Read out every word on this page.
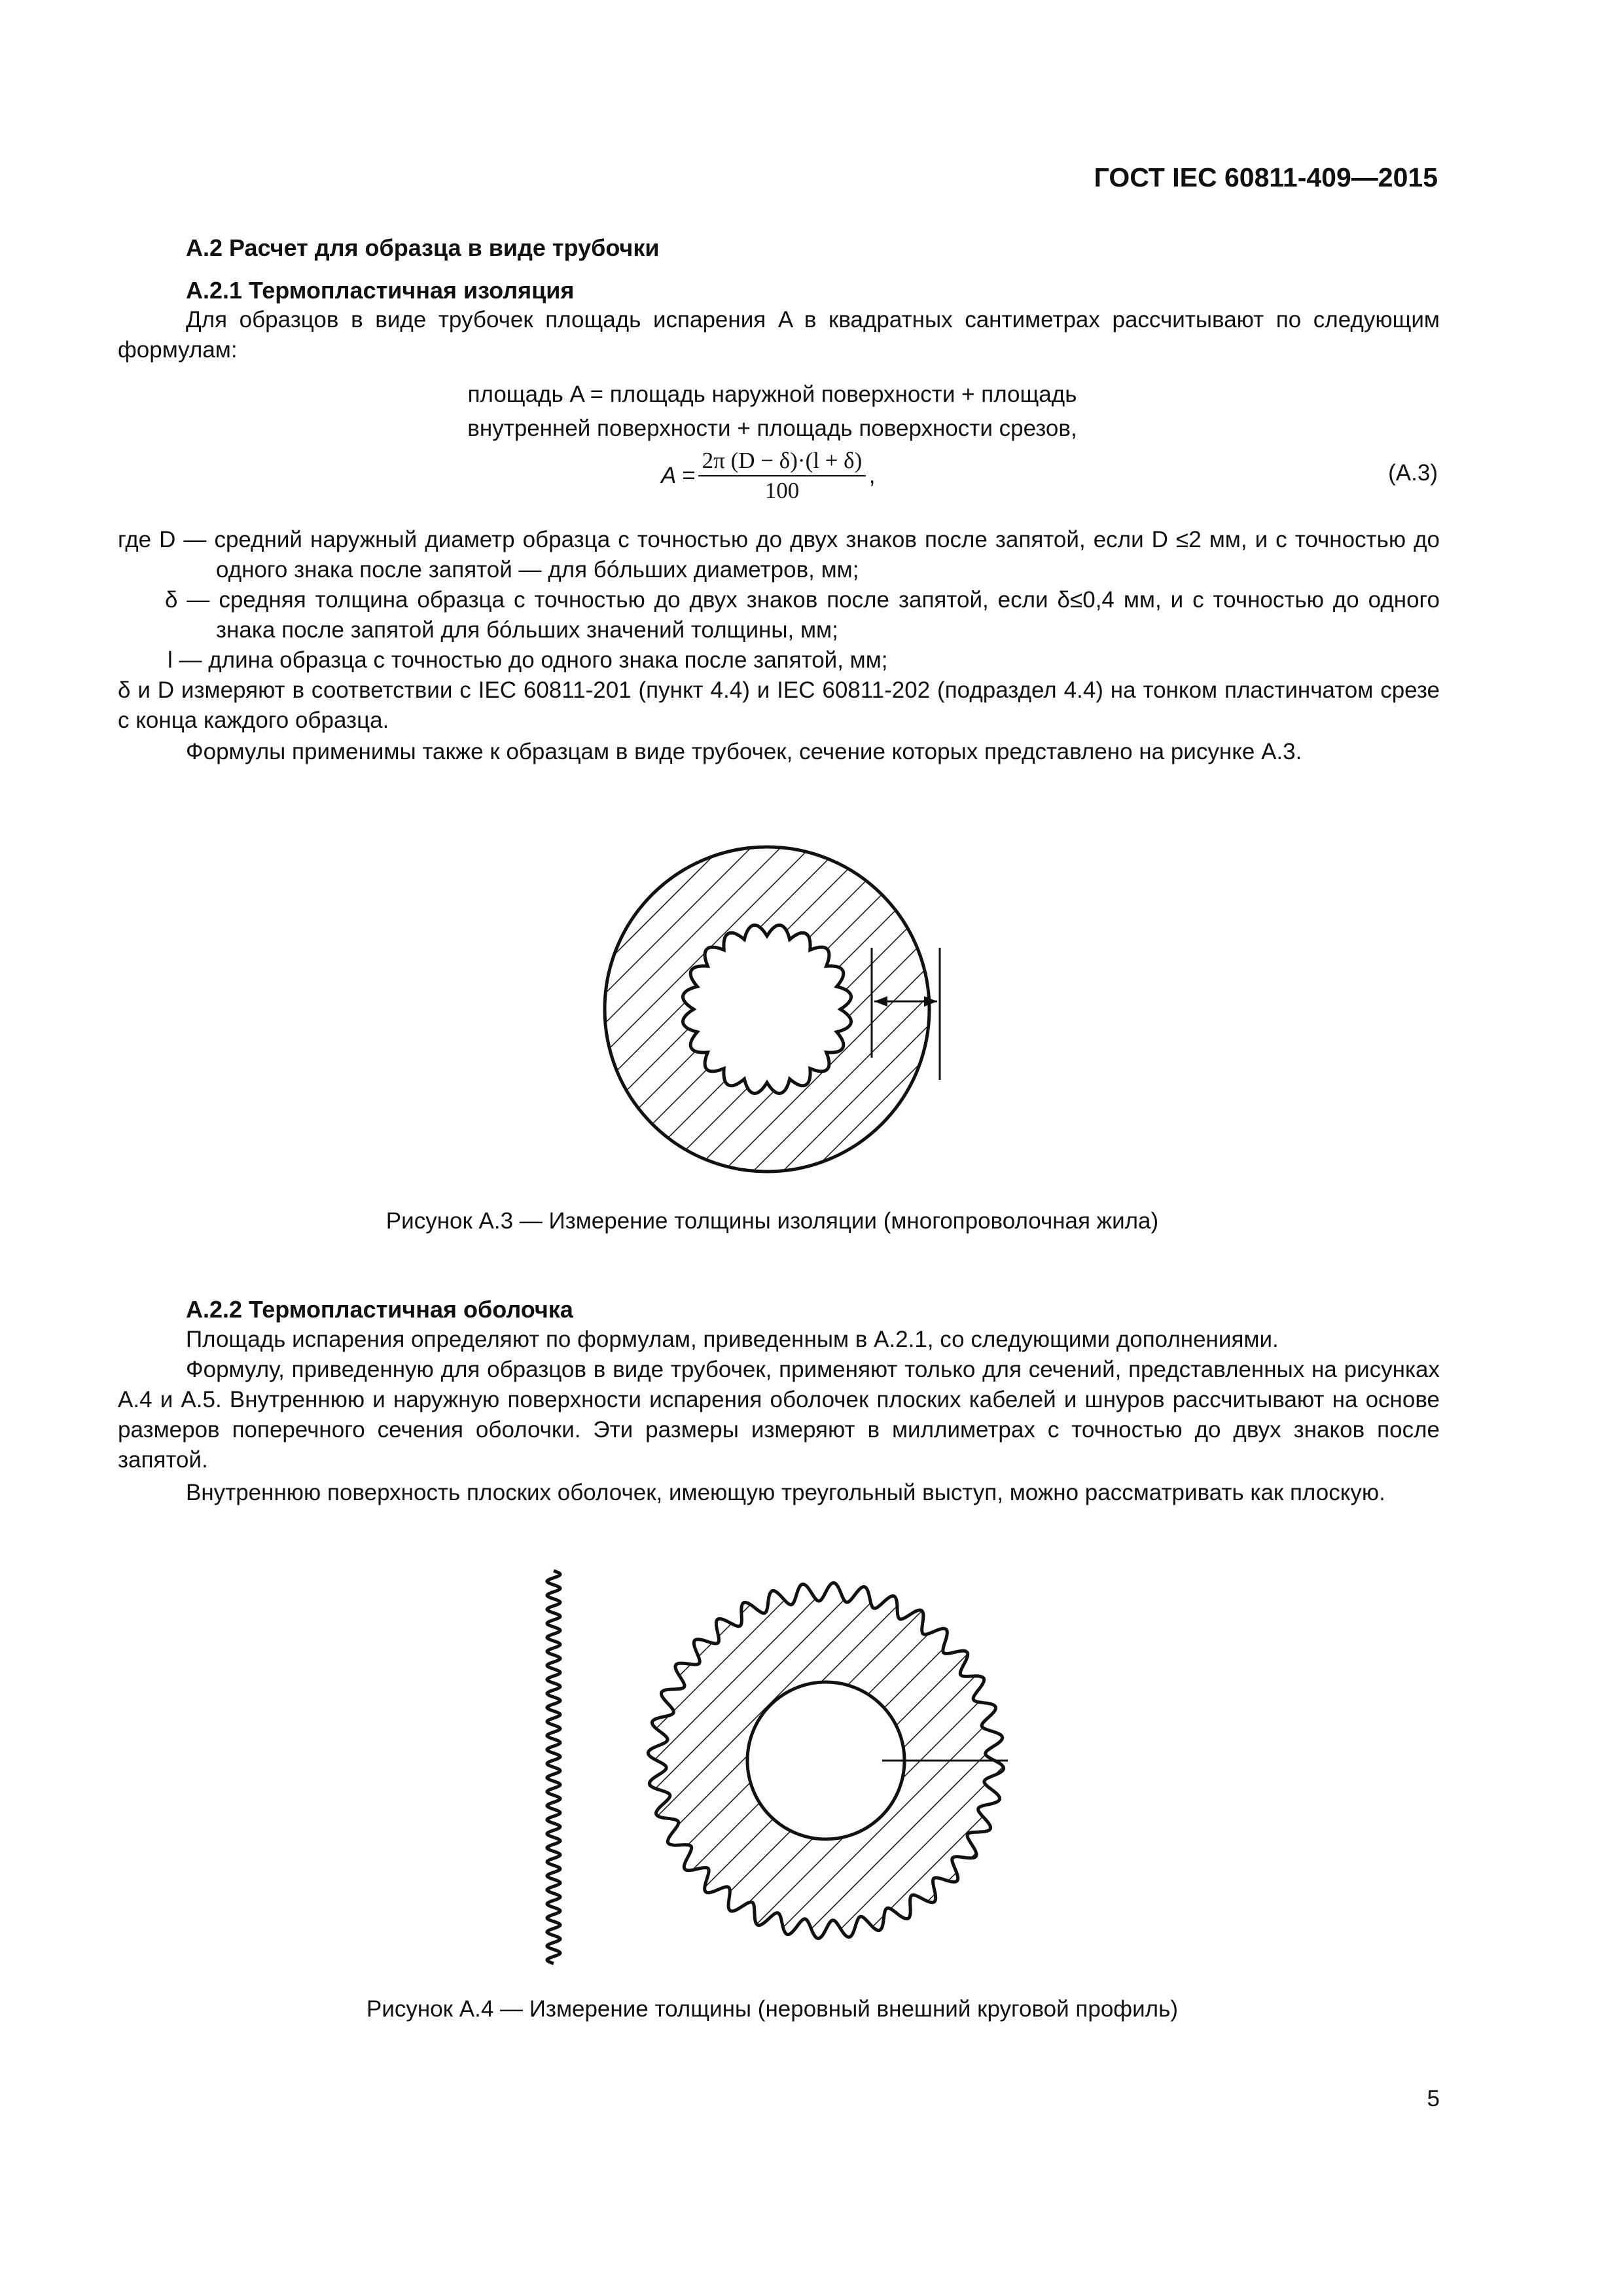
ГОСТ IEC 60811-409—2015
А.2 Расчет для образца в виде трубочки
А.2.1 Термопластичная изоляция
Для образцов в виде трубочек площадь испарения A в квадратных сантиметрах рассчитывают по следующим формулам:
площадь A = площадь наружной поверхности + площадь
внутренней поверхности + площадь поверхности срезов,
$A = \frac{2\pi (D - \delta)\cdot(l + \delta)}{100}$ ,	(А.3)
где D — средний наружный диаметр образца с точностью до двух знаков после запятой, если D ≤2 мм, и с точностью до одного знака после запятой — для бóльших диаметров, мм;
δ — средняя толщина образца с точностью до двух знаков после запятой, если δ≤0,4 мм, и с точностью до одного знака после запятой для бóльших значений толщины, мм;
l — длина образца с точностью до одного знака после запятой, мм;
δ и D измеряют в соответствии с IEC 60811-201 (пункт 4.4) и IEC 60811-202 (подраздел 4.4) на тонком пластинчатом срезе с конца каждого образца.
Формулы применимы также к образцам в виде трубочек, сечение которых представлено на рисунке А.3.
Рисунок А.3 — Измерение толщины изоляции (многопроволочная жила)
А.2.2 Термопластичная оболочка
Площадь испарения определяют по формулам, приведенным в А.2.1, со следующими дополнениями.
Формулу, приведенную для образцов в виде трубочек, применяют только для сечений, представленных на рисунках А.4 и А.5. Внутреннюю и наружную поверхности испарения оболочек плоских кабелей и шнуров рассчитывают на основе размеров поперечного сечения оболочки. Эти размеры измеряют в миллиметрах с точностью до двух знаков после запятой.
Внутреннюю поверхность плоских оболочек, имеющую треугольный выступ, можно рассматривать как плоскую.
Рисунок А.4 — Измерение толщины (неровный внешний круговой профиль)
5
